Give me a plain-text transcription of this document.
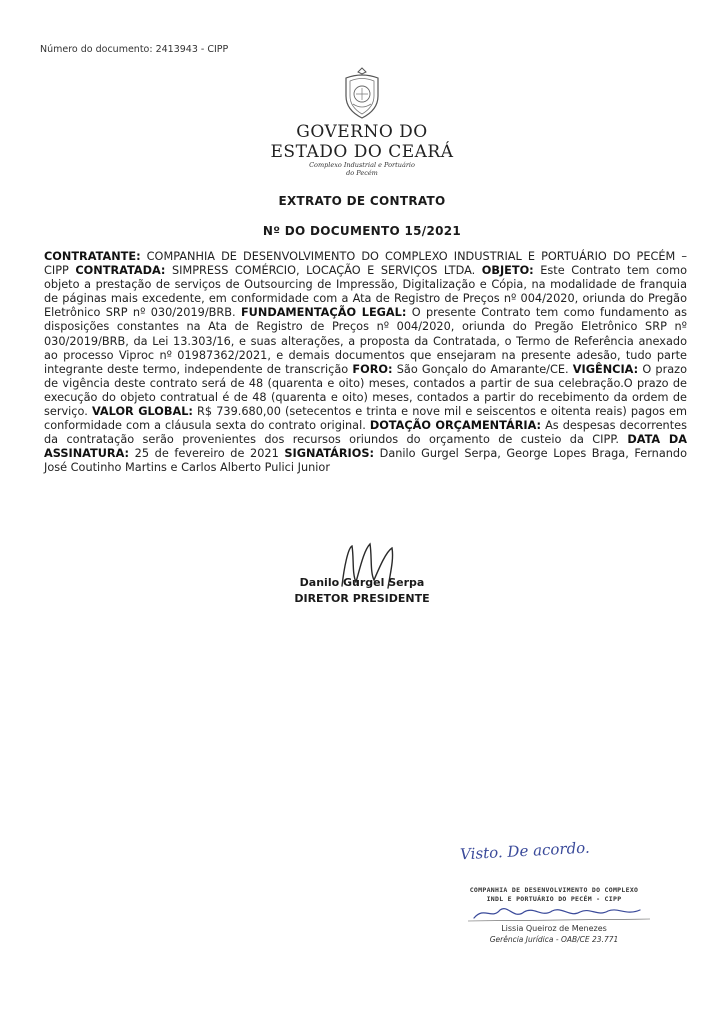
Número do documento: 2413943 - CIPP
GOVERNO DO
ESTADO DO CEARÁ
Complexo Industrial e Portuário
do Pecém
EXTRATO DE CONTRATO
Nº DO DOCUMENTO 15/2021
CONTRATANTE: COMPANHIA DE DESENVOLVIMENTO DO COMPLEXO INDUSTRIAL E PORTUÁRIO DO PECÉM – CIPP CONTRATADA: SIMPRESS COMÉRCIO, LOCAÇÃO E SERVIÇOS LTDA. OBJETO: Este Contrato tem como objeto a prestação de serviços de Outsourcing de Impressão, Digitalização e Cópia, na modalidade de franquia de páginas mais excedente, em conformidade com a Ata de Registro de Preços nº 004/2020, oriunda do Pregão Eletrônico SRP nº 030/2019/BRB. FUNDAMENTAÇÃO LEGAL: O presente Contrato tem como fundamento as disposições constantes na Ata de Registro de Preços nº 004/2020, oriunda do Pregão Eletrônico SRP nº 030/2019/BRB, da Lei 13.303/16, e suas alterações, a proposta da Contratada, o Termo de Referência anexado ao processo Viproc nº 01987362/2021, e demais documentos que ensejaram na presente adesão, tudo parte integrante deste termo, independente de transcrição FORO: São Gonçalo do Amarante/CE. VIGÊNCIA: O prazo de vigência deste contrato será de 48 (quarenta e oito) meses, contados a partir de sua celebração.O prazo de execução do objeto contratual é de 48 (quarenta e oito) meses, contados a partir do recebimento da ordem de serviço. VALOR GLOBAL: R$ 739.680,00 (setecentos e trinta e nove mil e seiscentos e oitenta reais) pagos em conformidade com a cláusula sexta do contrato original. DOTAÇÃO ORÇAMENTÁRIA: As despesas decorrentes da contratação serão provenientes dos recursos oriundos do orçamento de custeio da CIPP. DATA DA ASSINATURA: 25 de fevereiro de 2021 SIGNATÁRIOS: Danilo Gurgel Serpa, George Lopes Braga, Fernando José Coutinho Martins e Carlos Alberto Pulici Junior
Danilo Gurgel Serpa
DIRETOR PRESIDENTE
Visto. De acordo.
COMPANHIA DE DESENVOLVIMENTO DO COMPLEXO
INDL E PORTUÁRIO DO PECÉM - CIPP
Lissia Queiroz de Menezes
Gerência Jurídica - OAB/CE 23.771
